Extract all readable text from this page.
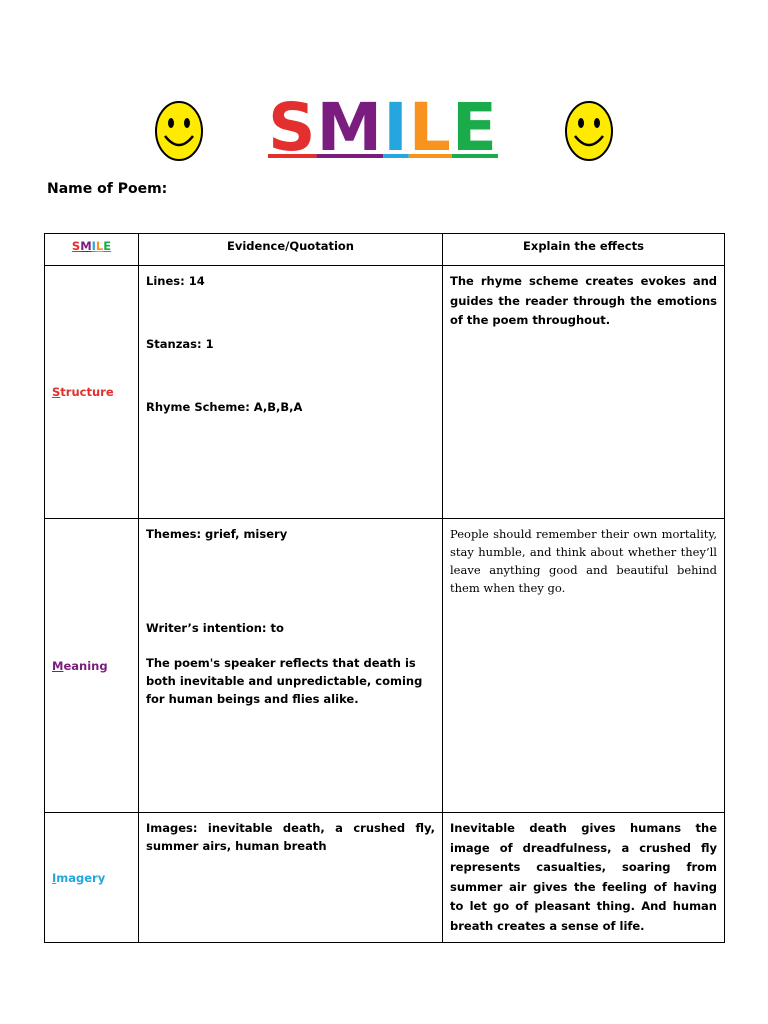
SMILE
Name of Poem:
SMILE	Evidence/Quotation	Explain the effects
Structure	Lines: 14
Stanzas: 1
Rhyme Scheme: A,B,B,A	The rhyme scheme creates evokes and guides the reader through the emotions of the poem throughout.
Meaning	Themes: grief, misery
Writer’s intention: to
The poem's speaker reflects that death is both inevitable and unpredictable, coming for human beings and flies alike.	People should remember their own mortality, stay humble, and think about whether they’ll leave anything good and beautiful behind them when they go.
Imagery	Images: inevitable death, a crushed fly, summer airs, human breath	Inevitable death gives humans the image of dreadfulness, a crushed fly represents casualties, soaring from summer air gives the feeling of having to let go of pleasant thing. And human breath creates a sense of life.
